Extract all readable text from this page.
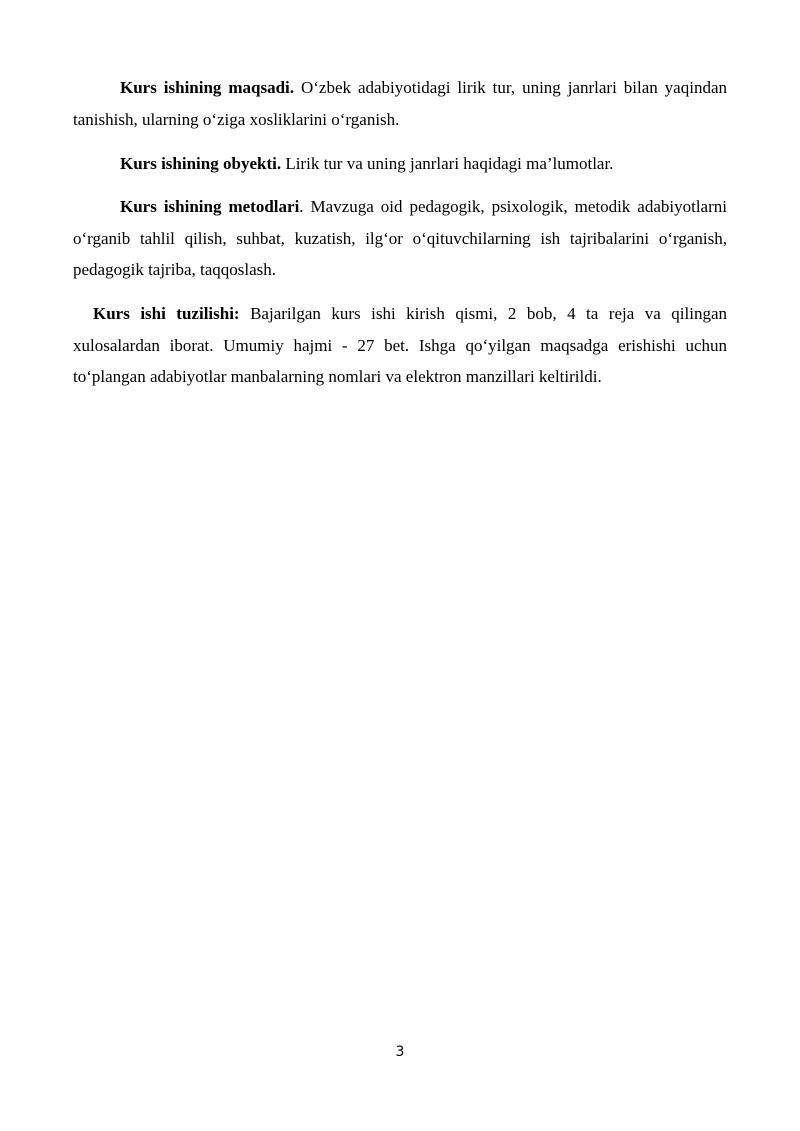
Kurs ishining maqsadi. O‘zbek adabiyotidagi lirik tur, uning janrlari bilan yaqindan tanishish, ularning o‘ziga xosliklarini o‘rganish.

Kurs ishining obyekti. Lirik tur va uning janrlari haqidagi ma’lumotlar.

Kurs ishining metodlari. Mavzuga oid pedagogik, psixologik, metodik adabiyotlarni o‘rganib tahlil qilish, suhbat, kuzatish, ilg‘or o‘qituvchilarning ish tajribalarini o‘rganish, pedagogik tajriba, taqqoslash.

Kurs ishi tuzilishi: Bajarilgan kurs ishi kirish qismi, 2 bob, 4 ta reja va qilingan xulosalardan iborat. Umumiy hajmi - 27 bet. Ishga qo‘yilgan maqsadga erishishi uchun to‘plangan adabiyotlar manbalarning nomlari va elektron manzillari keltirildi.

3
